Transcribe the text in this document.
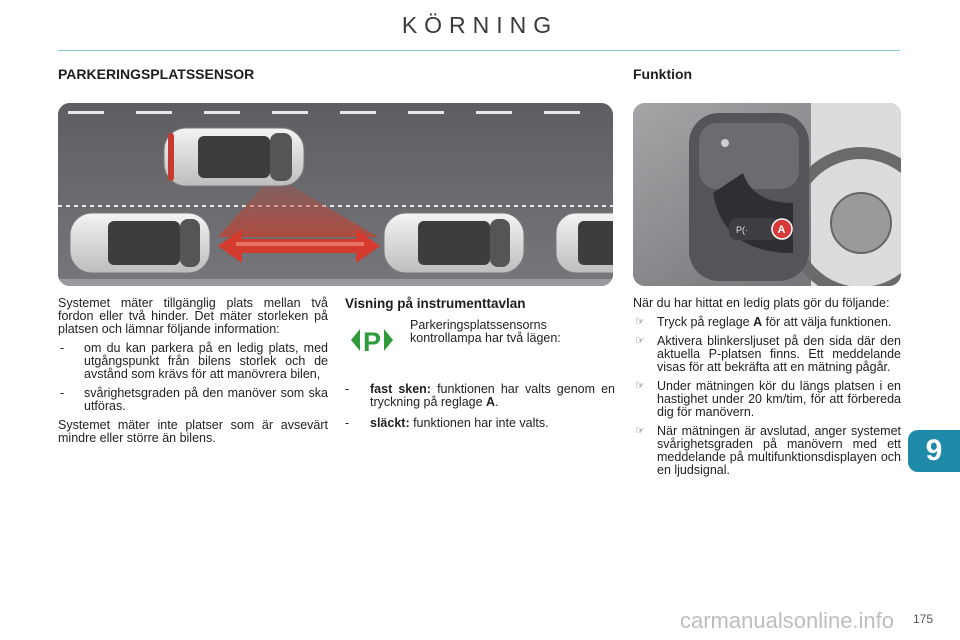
KÖRNING
PARKERINGSPLATSSENSOR	Funktion
P(·	A

Systemet mäter tillgänglig plats mellan två fordon eller två hinder. Det mäter storleken på platsen och lämnar följande information:

- om du kan parkera på en ledig plats, med utgångspunkt från bilens storlek och de avstånd som krävs för att manövrera bilen,
- svårighetsgraden på den manöver som ska utföras.

Systemet mäter inte platser som är avsevärt mindre eller större än bilens.

Visning på instrumenttavlan
P
Parkeringsplatssensorns kontrollampa har två lägen:
- fast sken: funktionen har valts genom en tryckning på reglage A.
- släckt: funktionen har inte valts.

När du har hittat en ledig plats gör du följande:

☞ Tryck på reglage A för att välja funktionen.
☞ Aktivera blinkersljuset på den sida där den aktuella P-platsen finns. Ett meddelande visas för att bekräfta att en mätning pågår.
☞ Under mätningen kör du längs platsen i en hastighet under 20 km/tim, för att förbereda dig för manövern.
☞ När mätningen är avslutad, anger systemet svårighetsgraden på manövern med ett meddelande på multifunktionsdisplayen och en ljudsignal.
9
carmanualsonline.info 175
